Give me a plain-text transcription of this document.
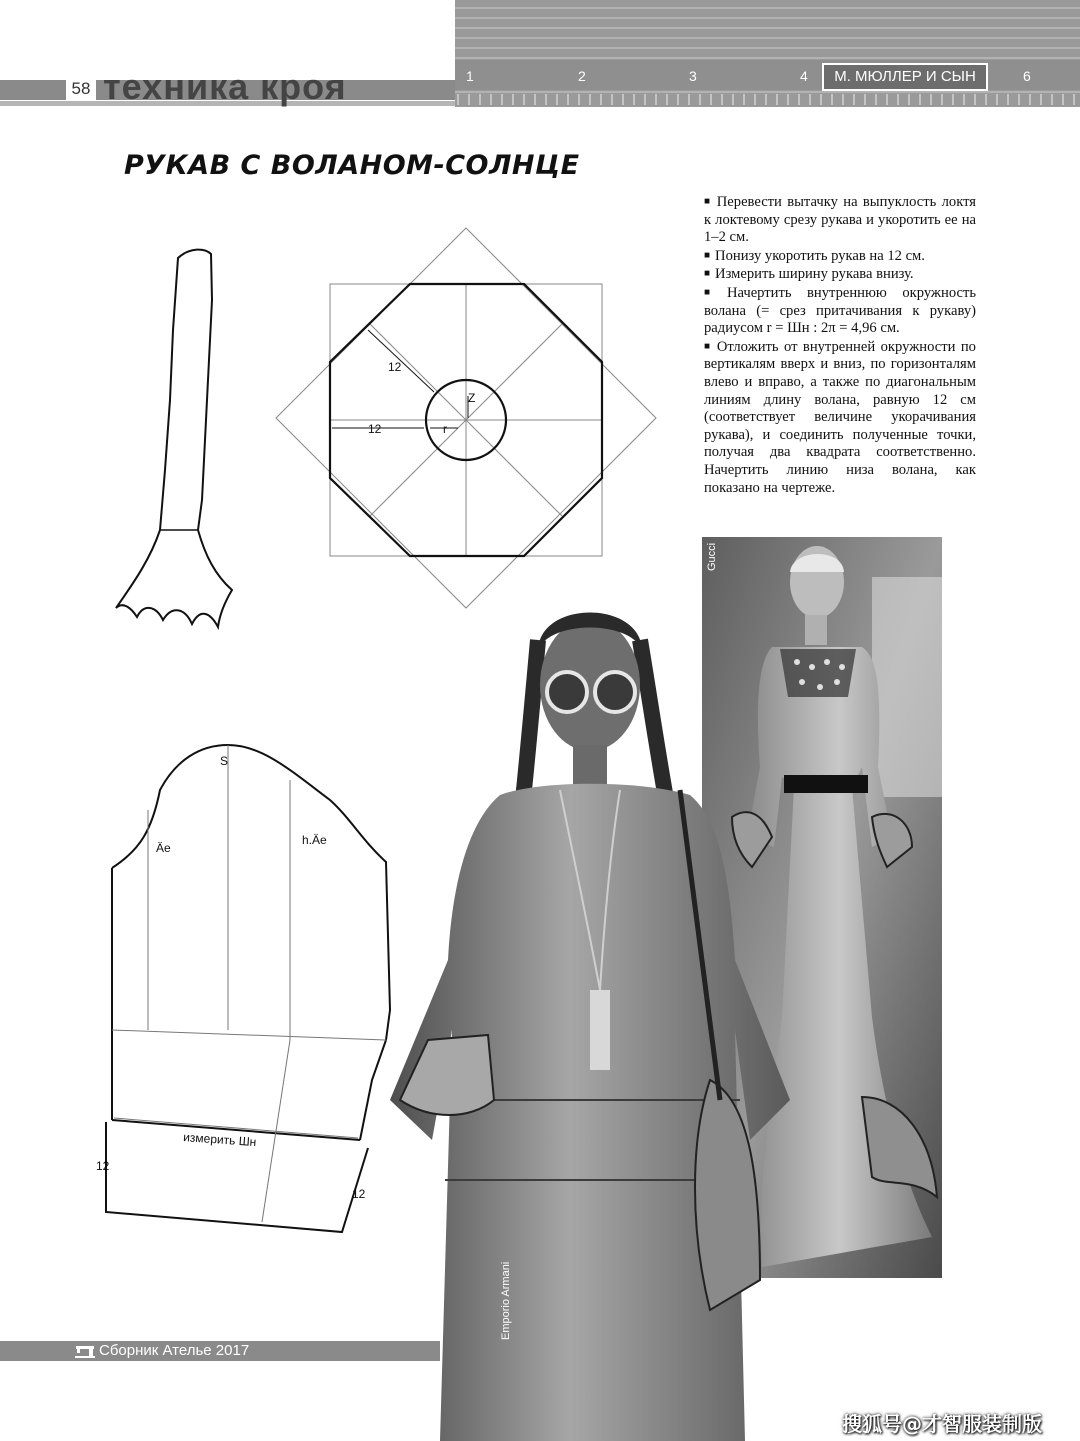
58 техника кроя	1	2	3	4	6
М. МЮЛЛЕР И СЫН
РУКАВ С ВОЛАНОМ-СОЛНЦЕ

■ Перевести вытачку на выпуклость локтя к локтевому срезу рукава и укоротить ее на 1–2 см.

■ Понизу укоротить рукав на 12 см.

■ Измерить ширину рукава внизу.

■ Начертить внутреннюю окружность волана (= срез притачивания к рукаву) радиусом r = Шн : 2π = 4,96 см.

■ Отложить от внутренней окружности по вертикалям вверх и вниз, по горизонталям влево и вправо, а также по диагональным линиям длину волана, равную 12 см (соответствует величине укорачивания рукава), и соединить полученные точки, получая два квадрата соответственно. Начертить линию низа волана, как показано на чертеже.

12
12	r
Z
S
Äe
h.Äe
измерить Шн
12
12
Gucci
Emporio Armani
Сборник Ателье 2017
搜狐号@才智服装制版
